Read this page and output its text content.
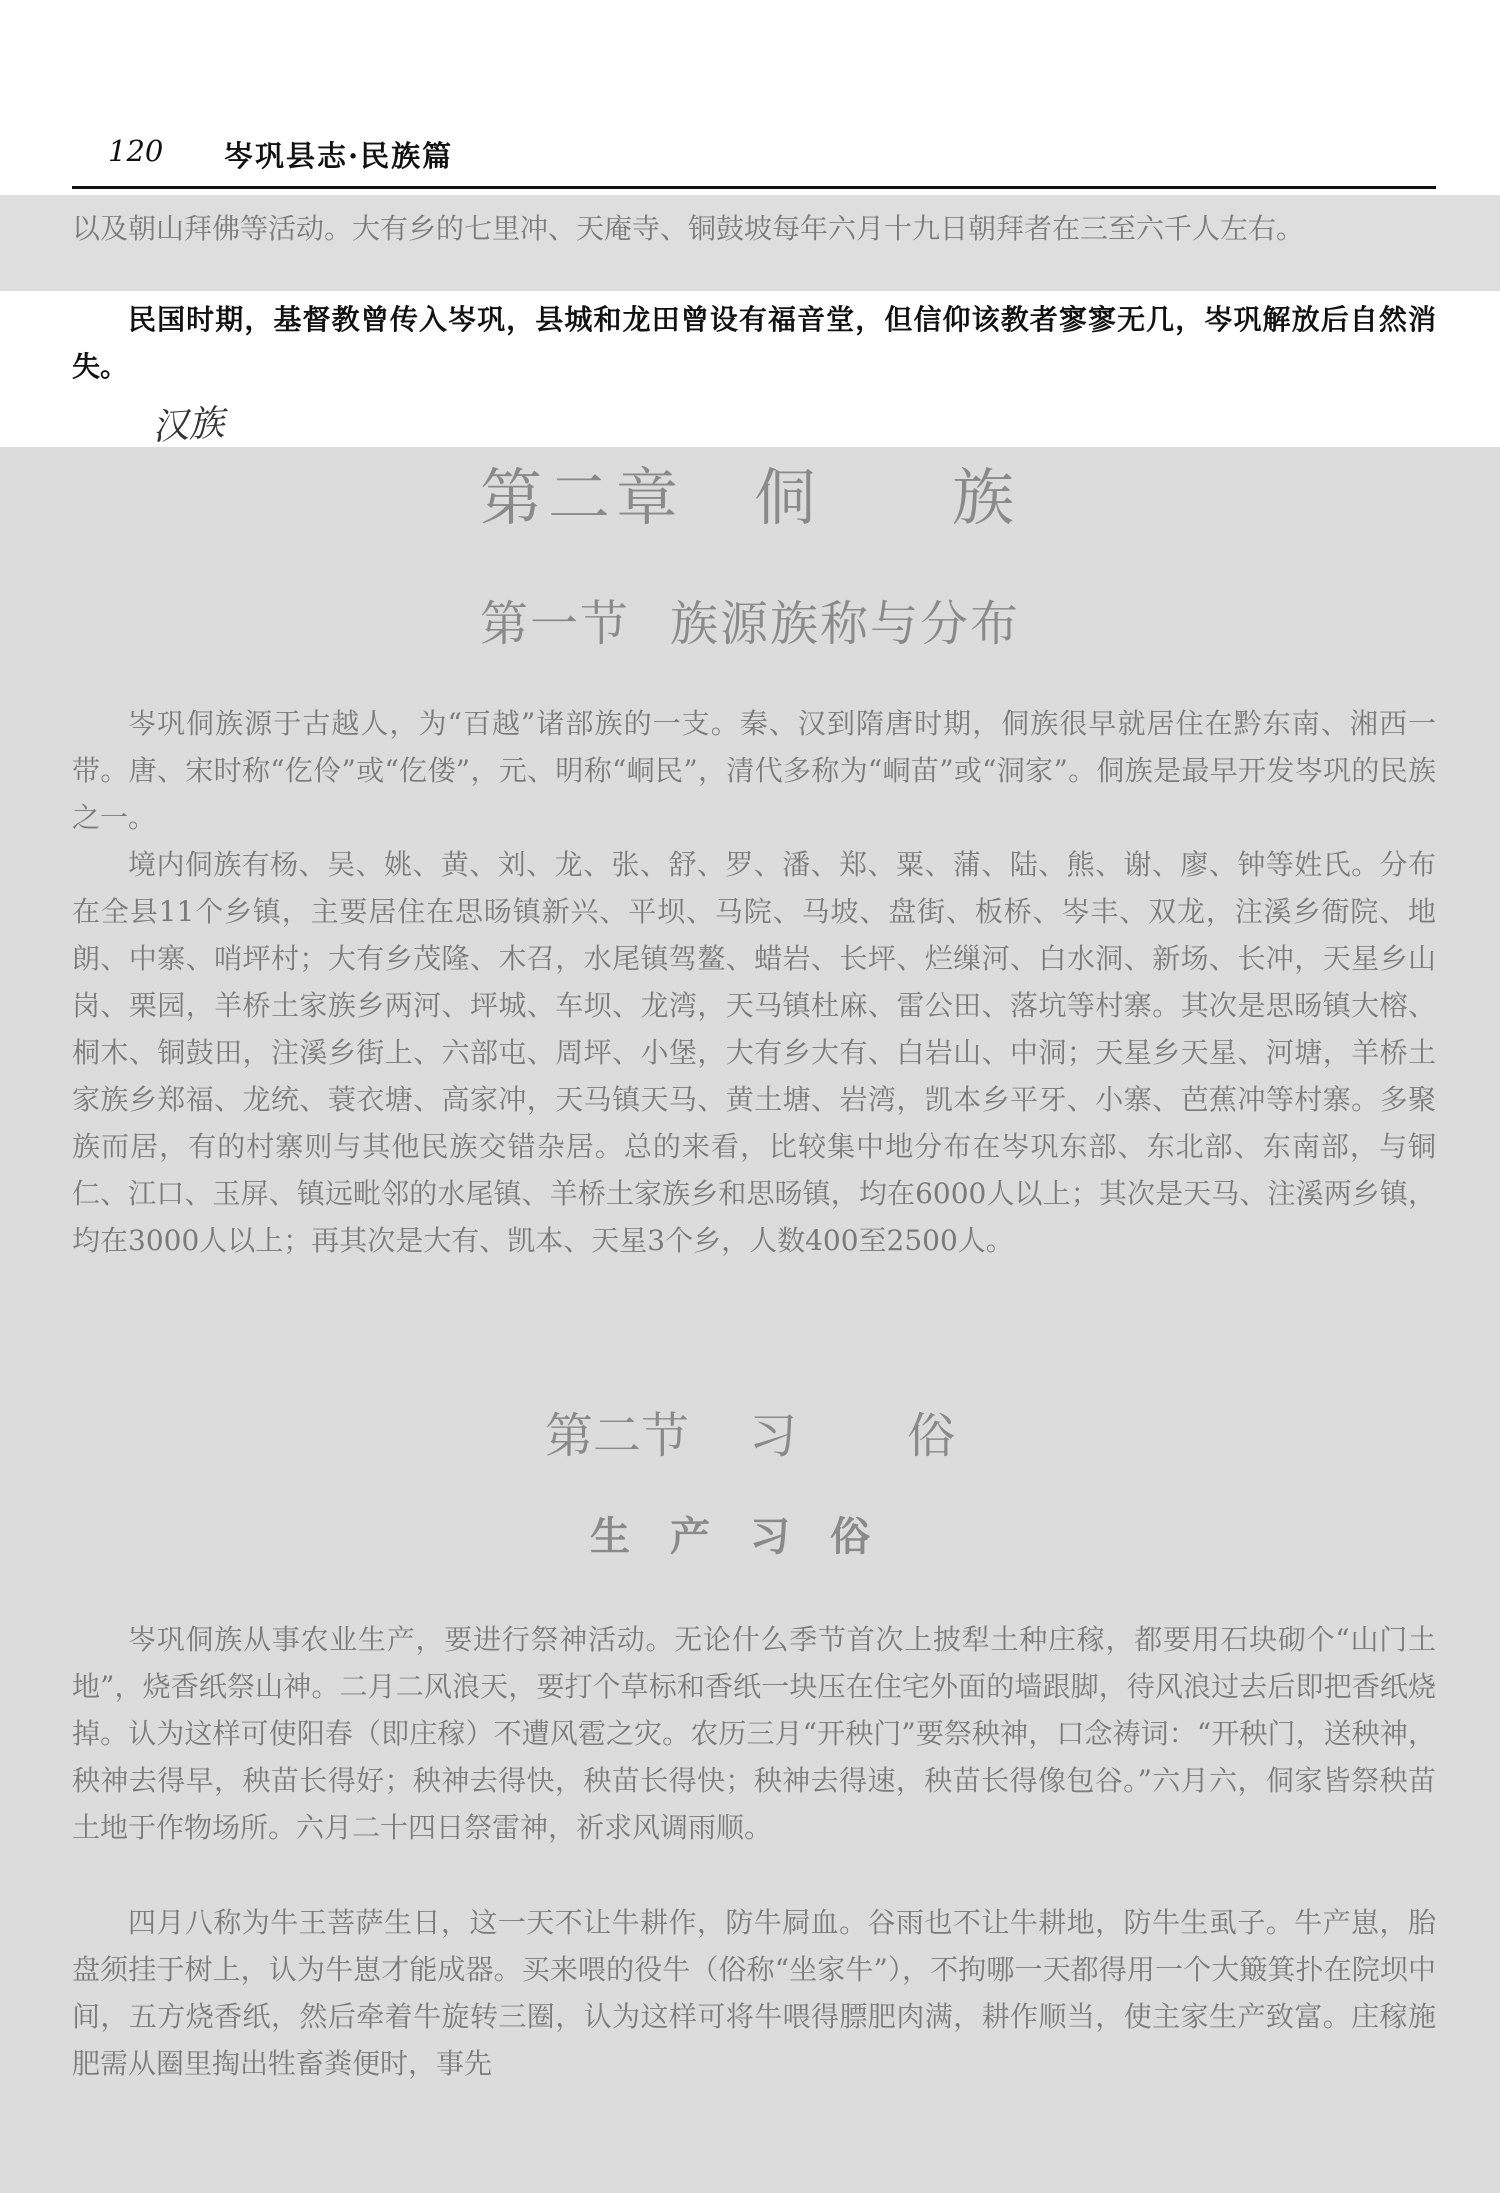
120 岑巩县志·民族篇

以及朝山拜佛等活动。大有乡的七里冲、天庵寺、铜鼓坡每年六月十九日朝拜者在三至六千人左右。

民国时期，基督教曾传入岑巩，县城和龙田曾设有福音堂，但信仰该教者寥寥无几，岑巩解放后自然消失。

汉族
第二章 侗 族
第一节 族源族称与分布

岑巩侗族源于古越人，为“百越”诸部族的一支。秦、汉到隋唐时期，侗族很早就居住在黔东南、湘西一带。唐、宋时称“仡伶”或“仡偻”，元、明称“峒民”，清代多称为“峒苗”或“洞家”。侗族是最早开发岑巩的民族之一。

境内侗族有杨、吴、姚、黄、刘、龙、张、舒、罗、潘、郑、粟、蒲、陆、熊、谢、廖、钟等姓氏。分布在全县11个乡镇，主要居住在思旸镇新兴、平坝、马院、马坡、盘街、板桥、岑丰、双龙，注溪乡衙院、地朗、中寨、哨坪村；大有乡茂隆、木召，水尾镇驾鳌、蜡岩、长坪、烂缫河、白水洞、新场、长冲，天星乡山岗、栗园，羊桥土家族乡两河、坪城、车坝、龙湾，天马镇杜麻、雷公田、落坑等村寨。其次是思旸镇大榕、桐木、铜鼓田，注溪乡街上、六部屯、周坪、小堡，大有乡大有、白岩山、中洞；天星乡天星、河塘，羊桥土家族乡郑福、龙统、蓑衣塘、高家冲，天马镇天马、黄土塘、岩湾，凯本乡平牙、小寨、芭蕉冲等村寨。多聚族而居，有的村寨则与其他民族交错杂居。总的来看，比较集中地分布在岑巩东部、东北部、东南部，与铜仁、江口、玉屏、镇远毗邻的水尾镇、羊桥土家族乡和思旸镇，均在6000人以上；其次是天马、注溪两乡镇，均在3000人以上；再其次是大有、凯本、天星3个乡，人数400至2500人。

第二节 习 俗
生产习俗

岑巩侗族从事农业生产，要进行祭神活动。无论什么季节首次上披犁土种庄稼，都要用石块砌个“山门土地”，烧香纸祭山神。二月二风浪天，要打个草标和香纸一块压在住宅外面的墙跟脚，待风浪过去后即把香纸烧掉。认为这样可使阳春（即庄稼）不遭风雹之灾。农历三月“开秧门”要祭秧神，口念祷词：“开秧门，送秧神，秧神去得早，秧苗长得好；秧神去得快，秧苗长得快；秧神去得速，秧苗长得像包谷。”六月六，侗家皆祭秧苗土地于作物场所。六月二十四日祭雷神，祈求风调雨顺。

四月八称为牛王菩萨生日，这一天不让牛耕作，防牛屙血。谷雨也不让牛耕地，防牛生虱子。牛产崽，胎盘须挂于树上，认为牛崽才能成器。买来喂的役牛（俗称“坐家牛”），不拘哪一天都得用一个大簸箕扑在院坝中间，五方烧香纸，然后牵着牛旋转三圈，认为这样可将牛喂得膘肥肉满，耕作顺当，使主家生产致富。庄稼施肥需从圈里掏出牲畜粪便时，事先
